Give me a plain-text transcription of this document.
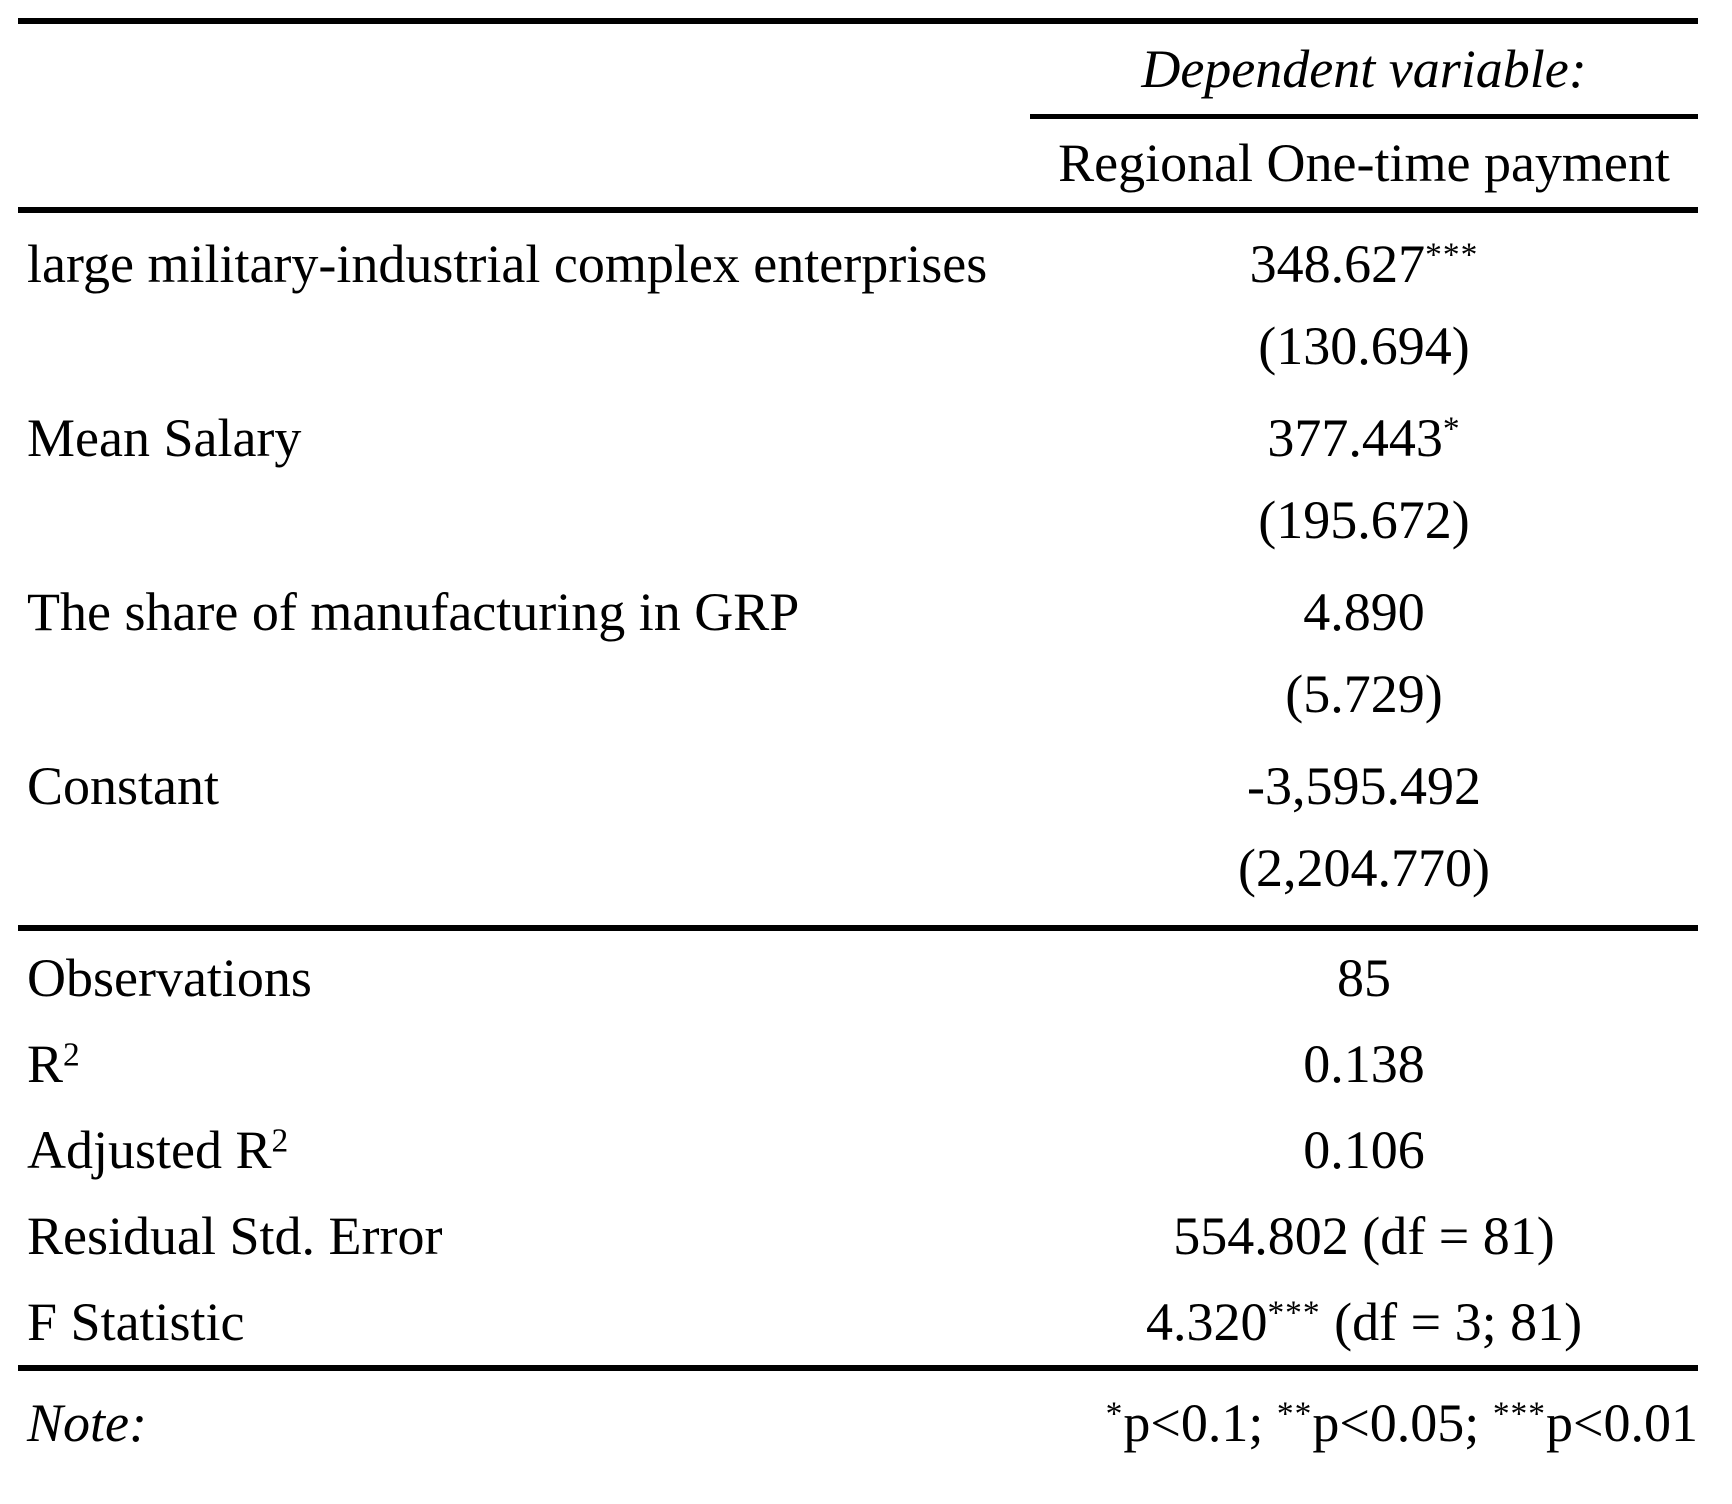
Dependent variable:
Regional One-time payment
large military-industrial complex enterprises	348.627***
(130.694)
Mean Salary	377.443*
(195.672)
The share of manufacturing in GRP	4.890
(5.729)
Constant	-3,595.492
(2,204.770)
Observations	85
$R^2$	0.138
Adjusted $R^2$	0.106
Residual Std. Error	554.802 (df = 81)
F Statistic	4.320*** (df = 3; 81)
Note:	*p<0.1; **p<0.05; ***p<0.01
